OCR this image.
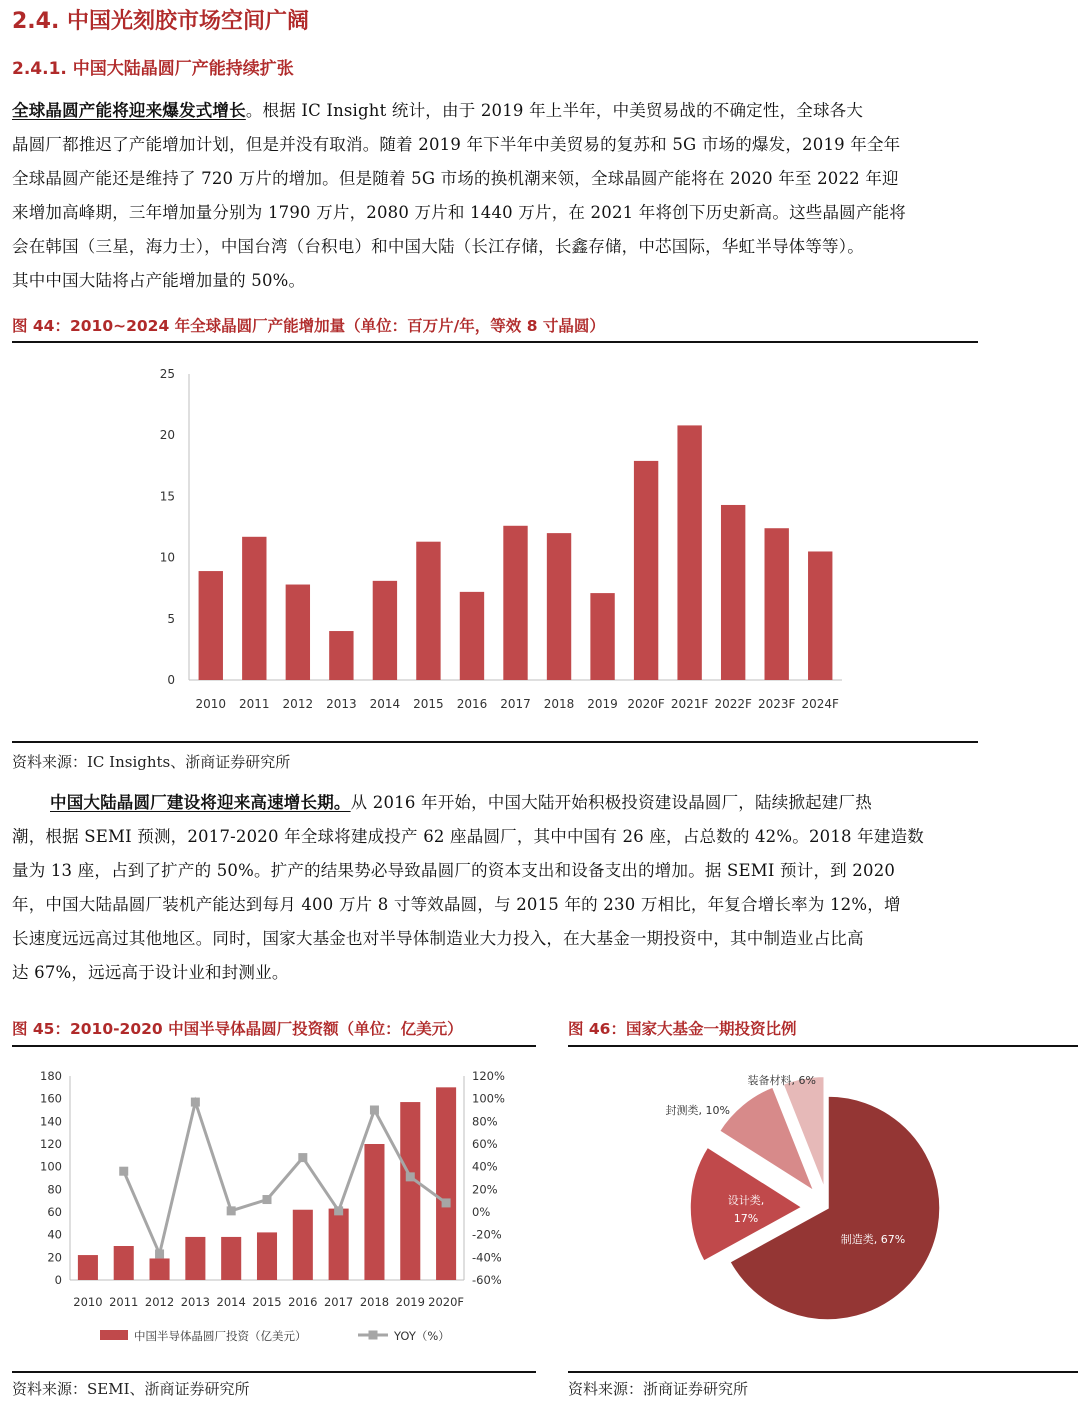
2.4. 中国光刻胶市场空间广阔
2.4.1. 中国大陆晶圆厂产能持续扩张
全球晶圆产能将迎来爆发式增长。根据 IC Insight 统计，由于 2019 年上半年，中美贸易战的不确定性，全球各大
晶圆厂都推迟了产能增加计划，但是并没有取消。随着 2019 年下半年中美贸易的复苏和 5G 市场的爆发，2019 年全年
全球晶圆产能还是维持了 720 万片的增加。但是随着 5G 市场的换机潮来领，全球晶圆产能将在 2020 年至 2022 年迎
来增加高峰期，三年增加量分别为 1790 万片，2080 万片和 1440 万片，在 2021 年将创下历史新高。这些晶圆产能将
会在韩国（三星，海力士），中国台湾（台积电）和中国大陆（长江存储，长鑫存储，中芯国际，华虹半导体等等）。
其中中国大陆将占产能增加量的 50%。
图 44：2010~2024 年全球晶圆厂产能增加量（单位：百万片/年，等效 8 寸晶圆）
0
5
10
15
20
25
2010 2011 2012 2013 2014 2015 2016 2017 2018 2019 2020F 2021F 2022F 2023F 2024F
资料来源：IC Insights、浙商证券研究所
中国大陆晶圆厂建设将迎来高速增长期。从 2016 年开始，中国大陆开始积极投资建设晶圆厂，陆续掀起建厂热
潮，根据 SEMI 预测，2017-2020 年全球将建成投产 62 座晶圆厂，其中中国有 26 座，占总数的 42%。2018 年建造数
量为 13 座，占到了扩产的 50%。扩产的结果势必导致晶圆厂的资本支出和设备支出的增加。据 SEMI 预计，到 2020
年，中国大陆晶圆厂装机产能达到每月 400 万片 8 寸等效晶圆，与 2015 年的 230 万相比，年复合增长率为 12%，增
长速度远远高过其他地区。同时，国家大基金也对半导体制造业大力投入，在大基金一期投资中，其中制造业占比高
达 67%，远远高于设计业和封测业。
图 45：2010-2020 中国半导体晶圆厂投资额（单位：亿美元）
0
20
40
60
80
100
120
140
160
180
-60%
-40%
-20%
0%
20%
40%
60%
80%
100%
120%
2010 2011 2012 2013 2014 2015 2016 2017 2018 2019 2020F
中国半导体晶圆厂投资（亿美元）	YOY（%）
资料来源：SEMI、浙商证券研究所
图 46：国家大基金一期投资比例
制造类, 67%
设计类,
17%
封测类, 10%
装备材料, 6%
资料来源：浙商证券研究所
